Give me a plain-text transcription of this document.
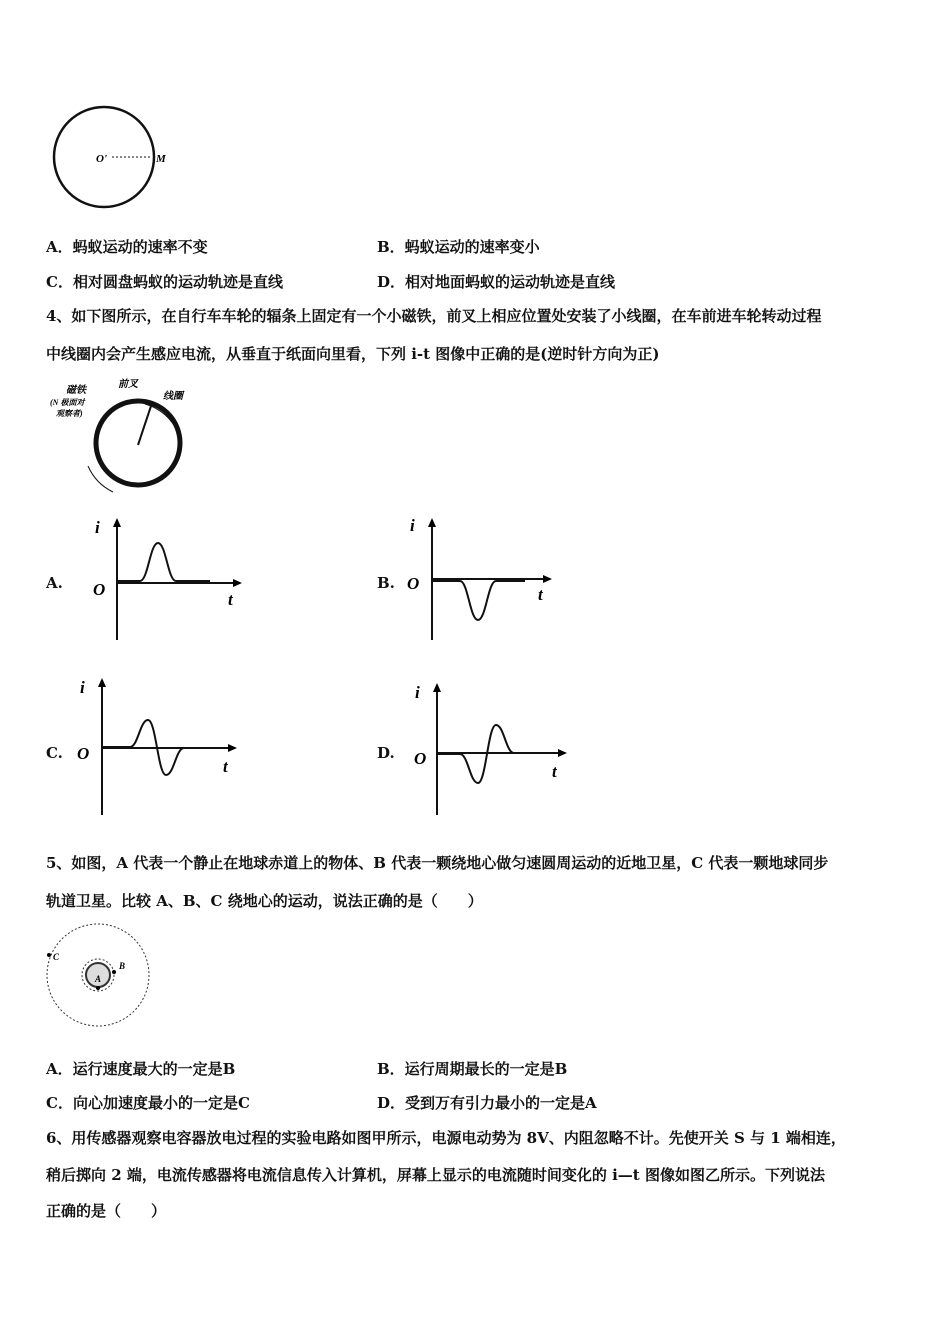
O'	M
A．蚂蚁运动的速率不变	B．蚂蚁运动的速率变小
C．相对圆盘蚂蚁的运动轨迹是直线	D．相对地面蚂蚁的运动轨迹是直线
4、如下图所示，在自行车车轮的辐条上固定有一个小磁铁，前叉上相应位置处安装了小线圈，在车前进车轮转动过程
中线圈内会产生感应电流，从垂直于纸面向里看，下列 i-t 图像中正确的是(逆时针方向为正)
磁铁
(N 极面对
观察者)
前叉
线圈
A.
i
O
t
B.
i
O
t
C.
i
O
t
D.
i
O
t
5、如图，A 代表一个静止在地球赤道上的物体、B 代表一颗绕地心做匀速圆周运动的近地卫星，C 代表一颗地球同步
轨道卫星。比较 A、B、C 绕地心的运动，说法正确的是（　　）
A
B
C
A．运行速度最大的一定是B	B．运行周期最长的一定是B
C．向心加速度最小的一定是C	D．受到万有引力最小的一定是A
6、用传感器观察电容器放电过程的实验电路如图甲所示，电源电动势为 8V、内阻忽略不计。先使开关 S 与 1 端相连，
稍后掷向 2 端，电流传感器将电流信息传入计算机，屏幕上显示的电流随时间变化的 i—t 图像如图乙所示。下列说法
正确的是（　　）
